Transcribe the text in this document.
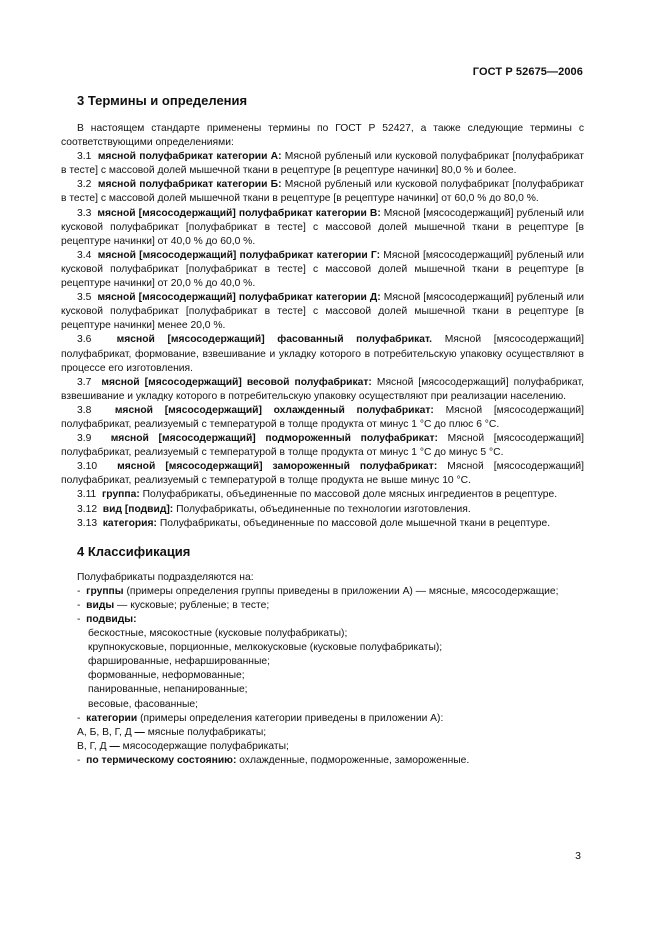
ГОСТ Р 52675—2006
3 Термины и определения

В настоящем стандарте применены термины по ГОСТ Р 52427, а также следующие термины с соответствующими определениями:

3.1 мясной полуфабрикат категории А: Мясной рубленый или кусковой полуфабрикат [полуфабрикат в тесте] с массовой долей мышечной ткани в рецептуре [в рецептуре начинки] 80,0 % и более.

3.2 мясной полуфабрикат категории Б: Мясной рубленый или кусковой полуфабрикат [полуфабрикат в тесте] с массовой долей мышечной ткани в рецептуре [в рецептуре начинки] от 60,0 % до 80,0 %.

3.3 мясной [мясосодержащий] полуфабрикат категории В: Мясной [мясосодержащий] рубленый или кусковой полуфабрикат [полуфабрикат в тесте] с массовой долей мышечной ткани в рецептуре [в рецептуре начинки] от 40,0 % до 60,0 %.

3.4 мясной [мясосодержащий] полуфабрикат категории Г: Мясной [мясосодержащий] рубленый или кусковой полуфабрикат [полуфабрикат в тесте] с массовой долей мышечной ткани в рецептуре [в рецептуре начинки] от 20,0 % до 40,0 %.

3.5 мясной [мясосодержащий] полуфабрикат категории Д: Мясной [мясосодержащий] рубленый или кусковой полуфабрикат [полуфабрикат в тесте] с массовой долей мышечной ткани в рецептуре [в рецептуре начинки] менее 20,0 %.

3.6 мясной [мясосодержащий] фасованный полуфабрикат. Мясной [мясосодержащий] полуфабрикат, формование, взвешивание и укладку которого в потребительскую упаковку осуществляют в процессе его изготовления.

3.7 мясной [мясосодержащий] весовой полуфабрикат: Мясной [мясосодержащий] полуфабрикат, взвешивание и укладку которого в потребительскую упаковку осуществляют при реализации населению.

3.8 мясной [мясосодержащий] охлажденный полуфабрикат: Мясной [мясосодержащий] полуфабрикат, реализуемый с температурой в толще продукта от минус 1 °С до плюс 6 °С.

3.9 мясной [мясосодержащий] подмороженный полуфабрикат: Мясной [мясосодержащий] полуфабрикат, реализуемый с температурой в толще продукта от минус 1 °С до минус 5 °С.

3.10 мясной [мясосодержащий] замороженный полуфабрикат: Мясной [мясосодержащий] полуфабрикат, реализуемый с температурой в толще продукта не выше минус 10 °С.

3.11 группа: Полуфабрикаты, объединенные по массовой доле мясных ингредиентов в рецептуре.

3.12 вид [подвид]: Полуфабрикаты, объединенные по технологии изготовления.

3.13 категория: Полуфабрикаты, объединенные по массовой доле мышечной ткани в рецептуре.

4 Классификация

Полуфабрикаты подразделяются на:

- группы (примеры определения группы приведены в приложении А) — мясные, мясосодержащие;

- виды — кусковые; рубленые; в тесте;

- подвиды:

бескостные, мясокостные (кусковые полуфабрикаты);

крупнокусковые, порционные, мелкокусковые (кусковые полуфабрикаты);

фаршированные, нефаршированные;

формованные, неформованные;

панированные, непанированные;

весовые, фасованные;

- категории (примеры определения категории приведены в приложении А):

А, Б, В, Г, Д — мясные полуфабрикаты;

В, Г, Д — мясосодержащие полуфабрикаты;

- по термическому состоянию: охлажденные, подмороженные, замороженные.

3
